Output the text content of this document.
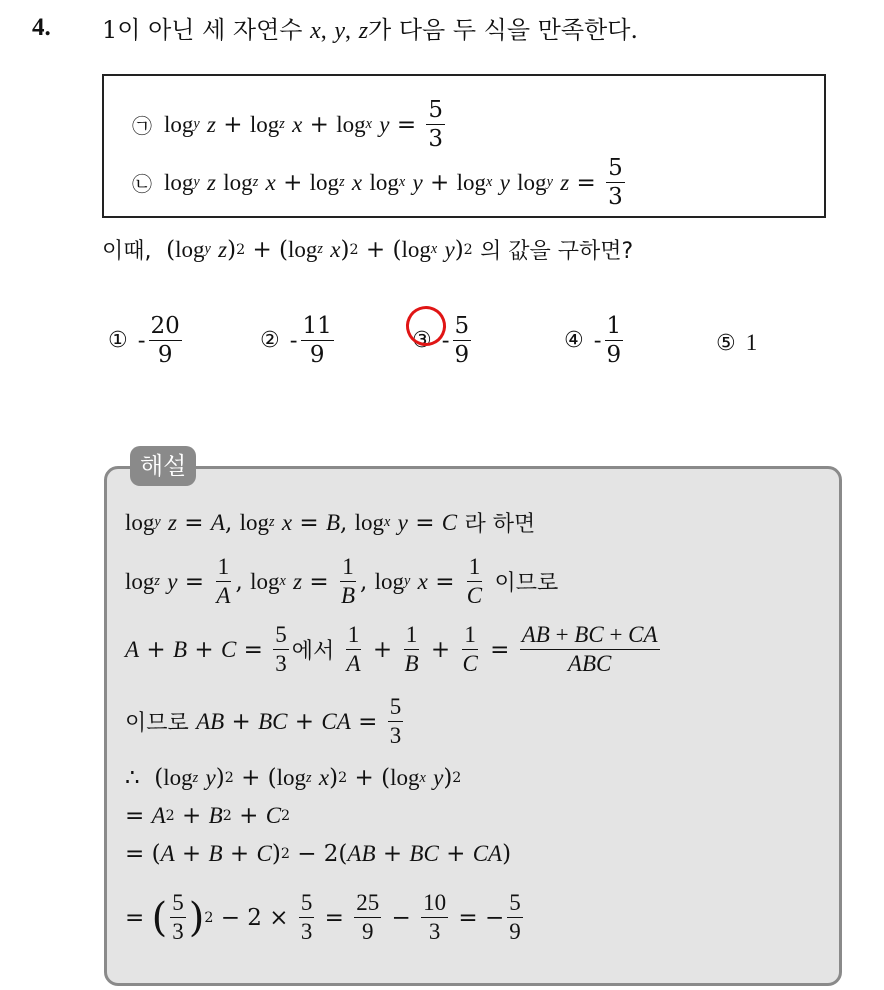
4. 1이 아닌 세 자연수 x, y, z가 다음 두 식을 만족한다.
㉠ log y
z + log z
x + log x
$y = \frac{5}{3}$
㉡ log y
z
log z
x + log z
x
log x
y + log x
y
log y
$z = \frac{5}{3}$
이때, ( log y
z ) 2 + ( log z
x ) 2 + ( log x
y ) 2
의 값을 구하면?
① - $\frac{20}{9}$	② - $\frac{11}{9}$	③ - $\frac{5}{9}$	④ - $\frac{1}{9}$	⑤ 1
해설
log y
z = A , log z
x = B , log x
y = C
라 하면
log z
$y = \frac{1}{A}$ , log x
$z = \frac{1}{B}$ , log y
$x = \frac{1}{C}$
이므로
$A + B + C = \frac{5}{3}$ 에서
$\frac{1}{A} + \frac{1}{B} + \frac{1}{C} = \frac{AB + BC + CA}{\text{ABC}}$
이므로
AB + BC + CA = $\frac{5}{3}$
∴ ( log z
y ) 2 + ( log z
x ) 2 + ( log x
y ) 2
= A 2 + B 2 + C 2
= ( A + B + C ) 2 − 2( AB + BC + CA )
= ( $\frac{5}{3}$ ) $2 - 2 \times \frac{5}{3} = \frac{25}{9} - \frac{10}{3}$ = − $\frac{5}{9}$
